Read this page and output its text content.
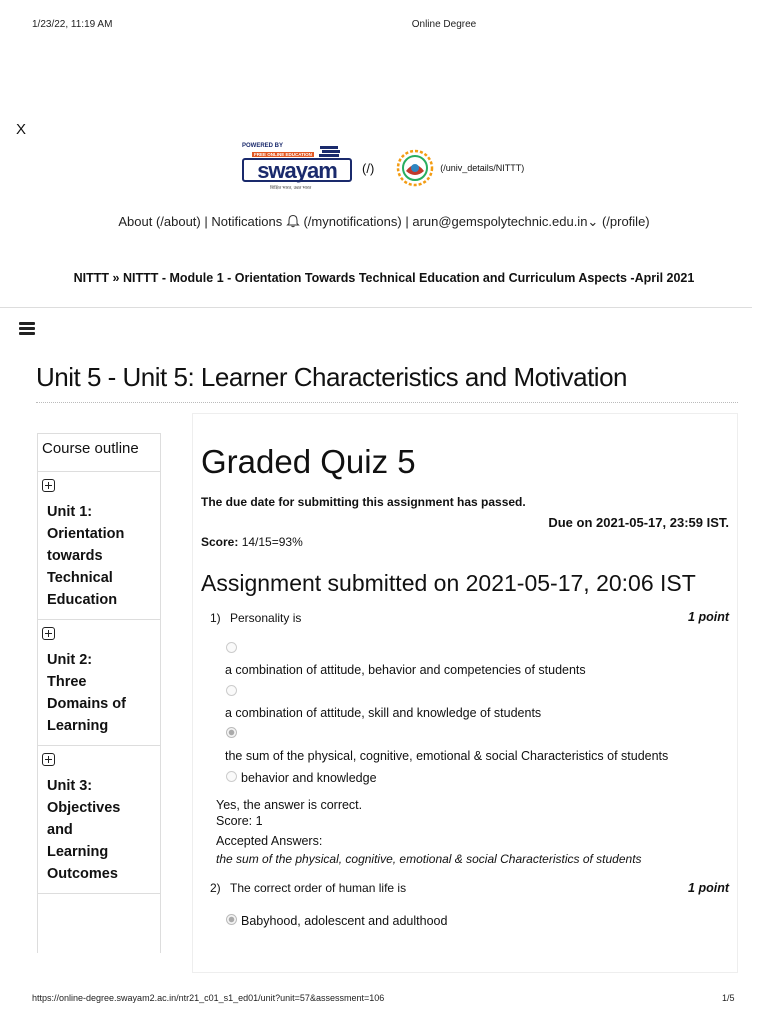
1/23/22, 11:19 AM	Online Degree
X
POWERED BY
FREE ONLINE EDUCATION
swayam
शिक्षित भारत, उन्नत भारत
(/)	(/univ_details/NITTT)
About (/about) | Notifications (/mynotifications) | arun@gemspolytechnic.edu.in⌄ (/profile)
NITTT » NITTT - Module 1 - Orientation Towards Technical Education and Curriculum Aspects -April 2021
Unit 5 - Unit 5: Learner Characteristics and Motivation
Course outline
Unit 1:
Orientation
towards
Technical
Education
Unit 2:
Three
Domains of
Learning
Unit 3:
Objectives
and
Learning
Outcomes
Graded Quiz 5
The due date for submitting this assignment has passed.
Due on 2021-05-17, 23:59 IST.
Score: 14/15=93%
Assignment submitted on 2021-05-17, 20:06 IST
1) Personality is	1 point
a combination of attitude, behavior and competencies of students
a combination of attitude, skill and knowledge of students
the sum of the physical, cognitive, emotional & social Characteristics of students
behavior and knowledge
Yes, the answer is correct.
Score: 1
Accepted Answers:
the sum of the physical, cognitive, emotional & social Characteristics of students
2) The correct order of human life is	1 point
Babyhood, adolescent and adulthood
https://online-degree.swayam2.ac.in/ntr21_c01_s1_ed01/unit?unit=57&assessment=106	1/5
